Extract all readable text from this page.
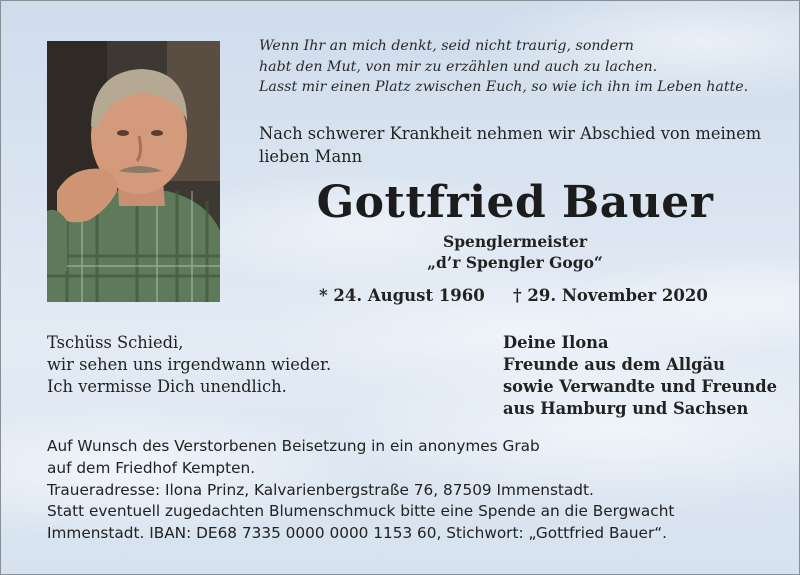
Wenn Ihr an mich denkt, seid nicht traurig, sondern
habt den Mut, von mir zu erzählen und auch zu lachen.
Lasst mir einen Platz zwischen Euch, so wie ich ihn im Leben hatte.
Nach schwerer Krankheit nehmen wir Abschied von meinem
lieben Mann
Gottfried Bauer
Spenglermeister
„d’r Spengler Gogo“
* 24. August 1960 † 29. November 2020
Tschüss Schiedi,
wir sehen uns irgendwann wieder.
Ich vermisse Dich unendlich.
Deine Ilona
Freunde aus dem Allgäu
sowie Verwandte und Freunde
aus Hamburg und Sachsen
Auf Wunsch des Verstorbenen Beisetzung in ein anonymes Grab
auf dem Friedhof Kempten.
Traueradresse: Ilona Prinz, Kalvarienbergstraße 76, 87509 Immenstadt.
Statt eventuell zugedachten Blumenschmuck bitte eine Spende an die Bergwacht
Immenstadt. IBAN: DE68 7335 0000 0000 1153 60, Stichwort: „Gottfried Bauer“.
